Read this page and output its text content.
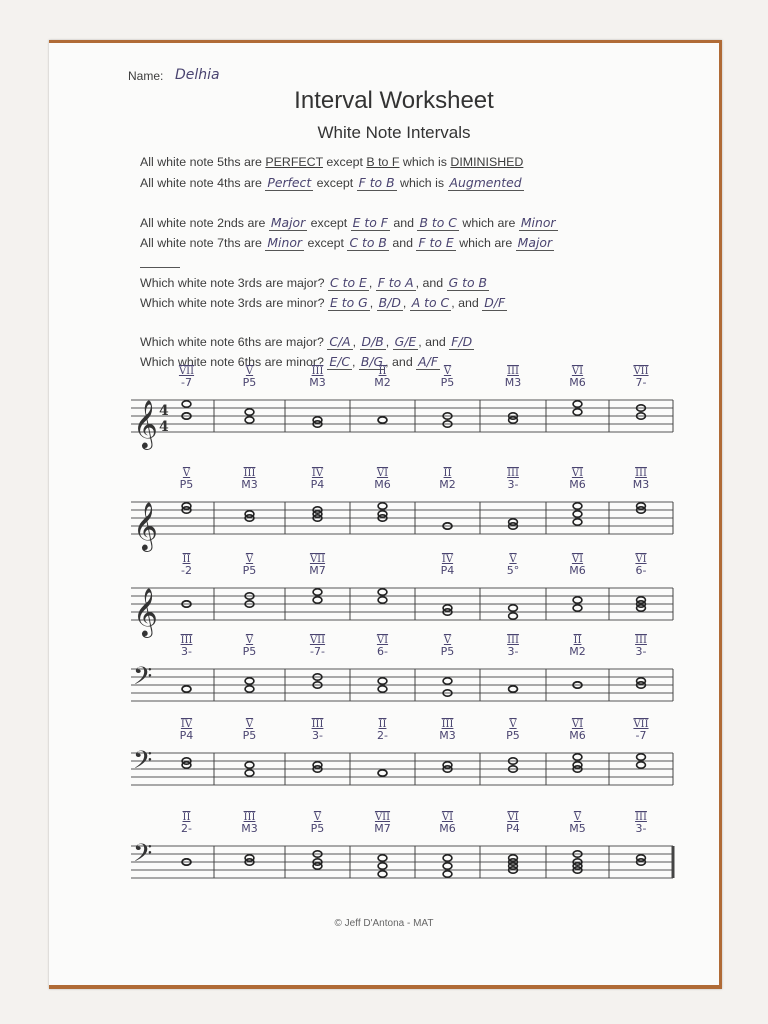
Name: Delhia
Interval Worksheet
White Note Intervals
All white note 5ths are PERFECT except B to F which is DIMINISHED
All white note 4ths are Perfect except F to B which is Augmented
All white note 2nds are Major except E to F and B to C which are Minor
All white note 7ths are Minor except C to B and F to E which are Major
Which white note 3rds are major? C to E , F to A , and G to B
Which white note 3rds are minor? E to G , B/D , A to C , and D/F
Which white note 6ths are major? C/A , D/B , G/E , and F/D
Which white note 6ths are minor? E/C , B/G , and A/F
𝄞 4
4
VII
-7
V
P5
III
M3
II
M2
V
P5
III
M3
VI
M6
VII
7-
𝄞
V
P5
III
M3
IV
P4
VI
M6
II
M2
III
3-
VI
M6
III
M3
𝄞
II
-2
V
P5
VII
M7
IV
P4
V
5°
VI
M6
VI
6-
𝄢
III
3-
V
P5
VII
-7-
VI
6-
V
P5
III
3-
II
M2
III
3-
𝄢
IV
P4
V
P5
III
3-
II
2-
III
M3
V
P5
VI
M6
VII
-7
𝄢
II
2-
III
M3
V
P5
VII
M7
VI
M6
VI
P4
V
M5
III
3-
© Jeff D'Antona - MAT
